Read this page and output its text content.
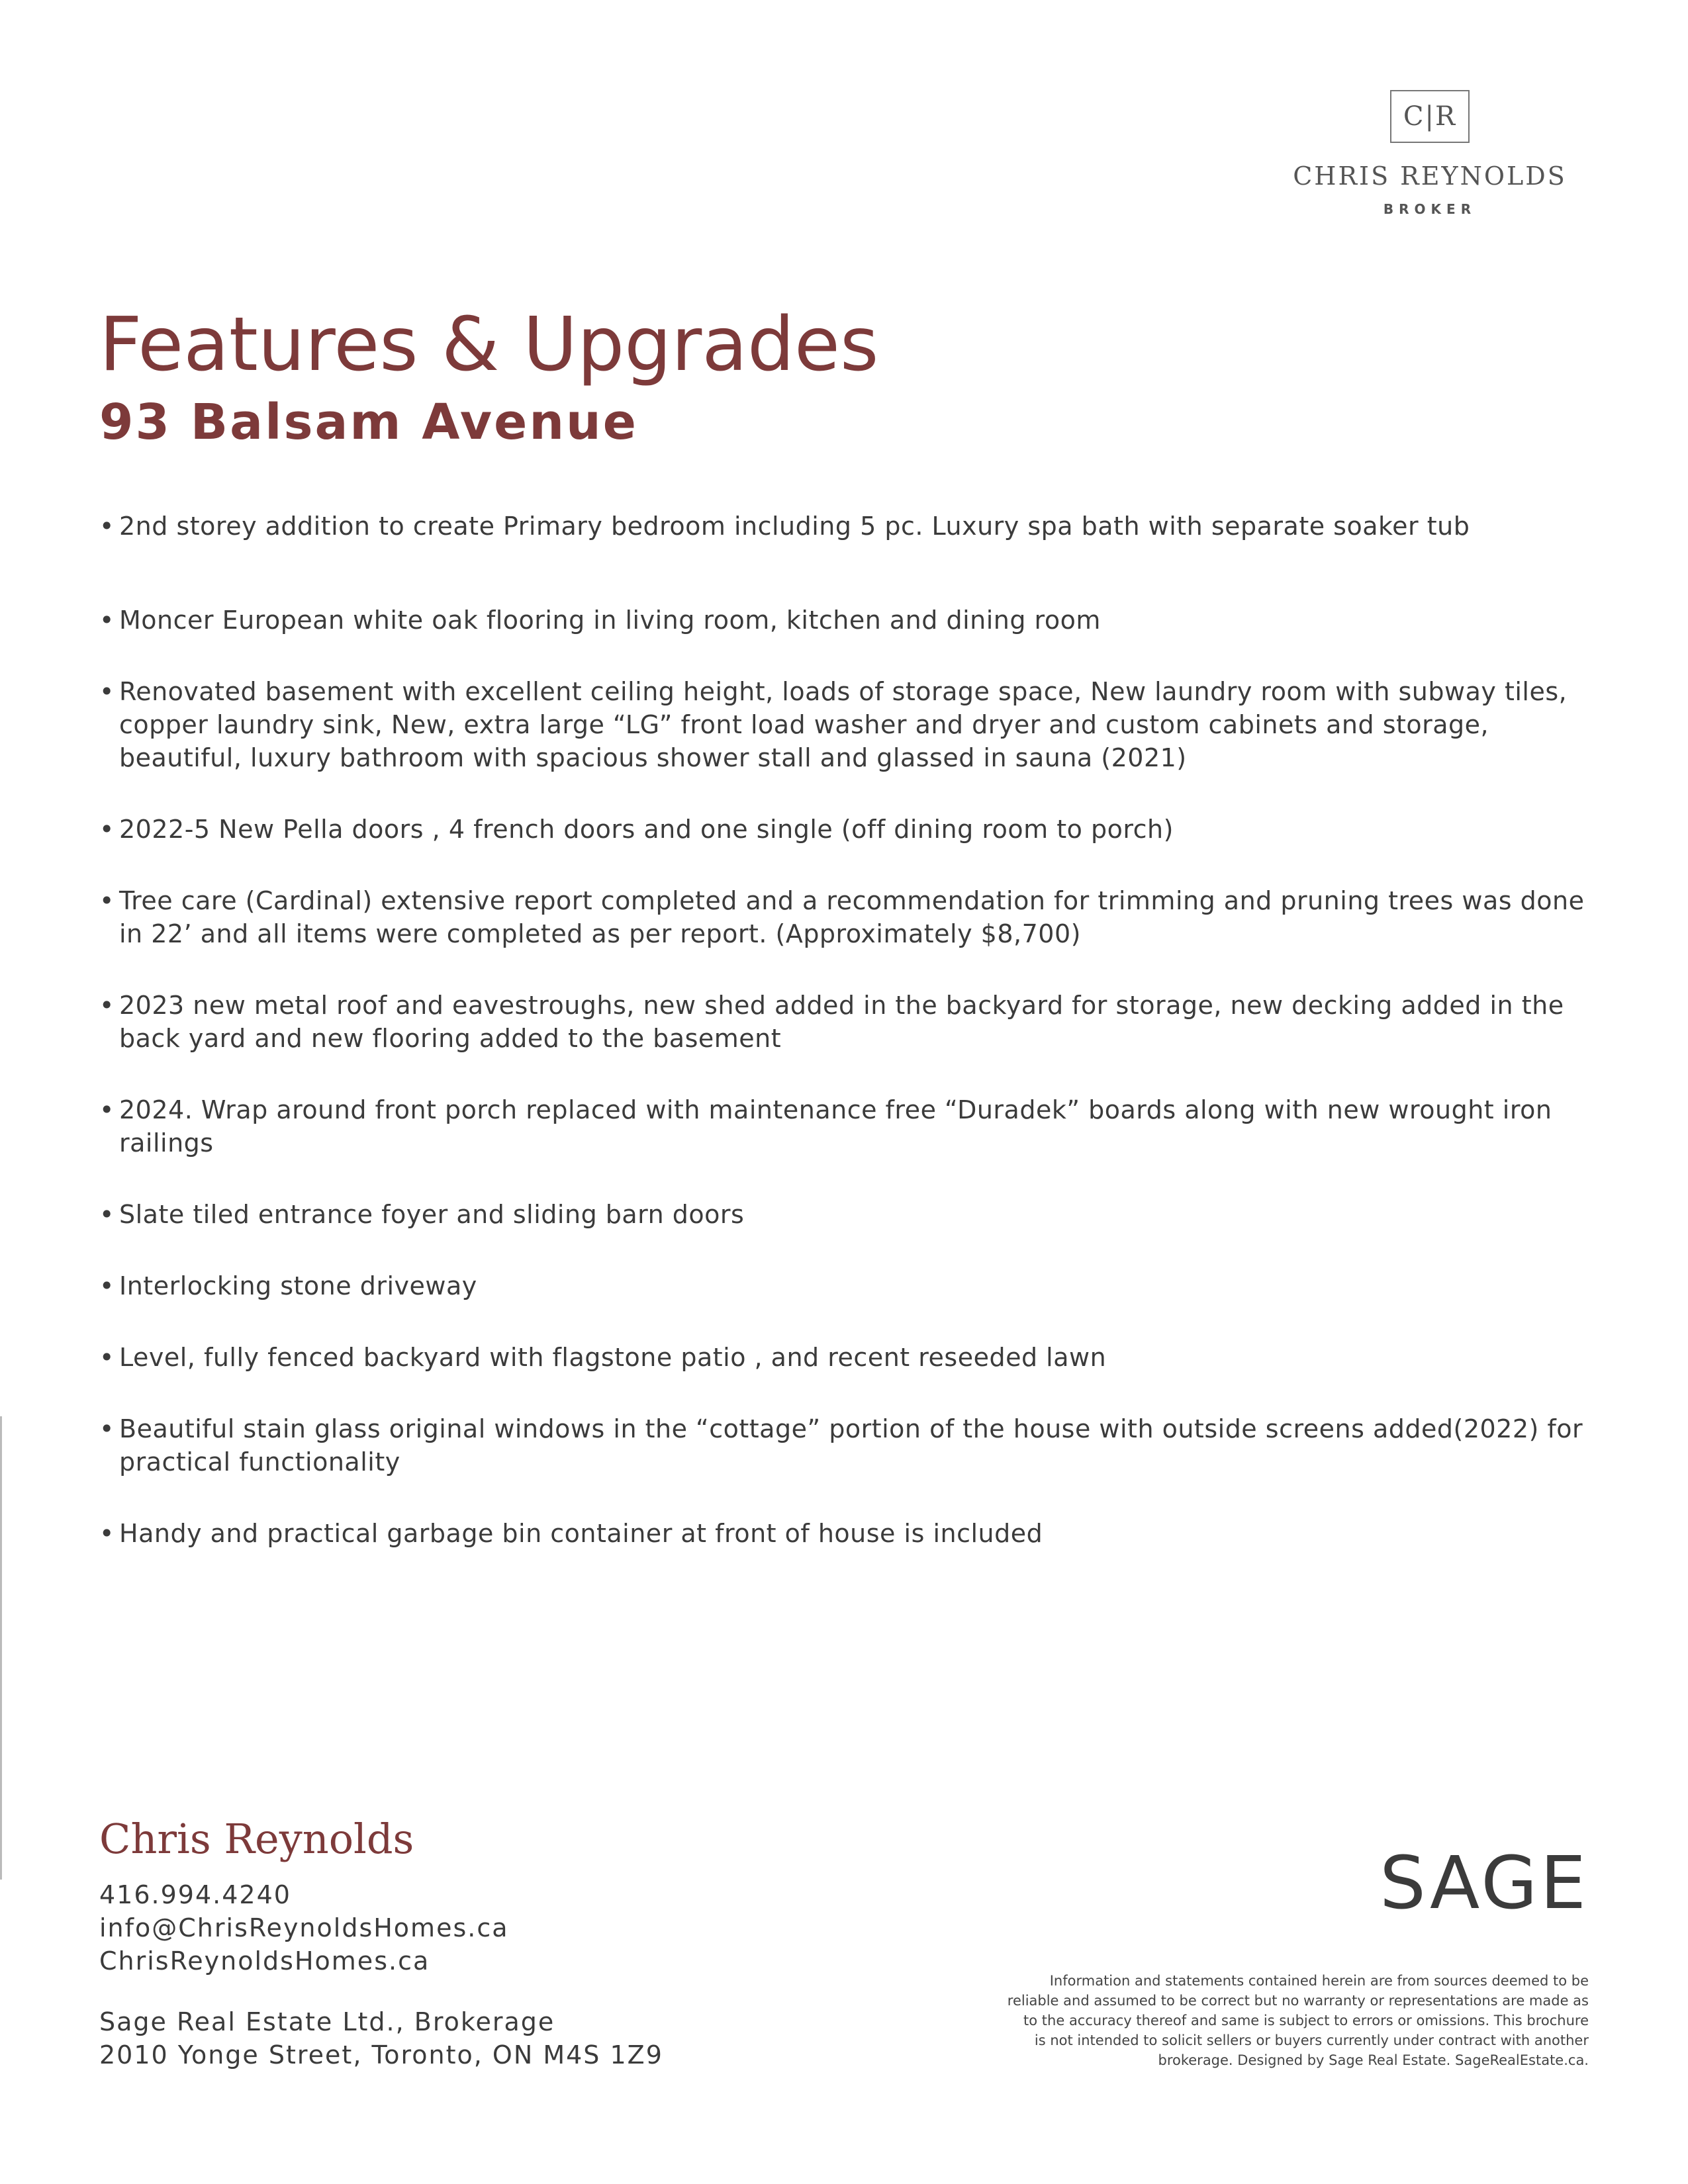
C|R
CHRIS REYNOLDS
BROKER
Features & Upgrades
93 Balsam Avenue
• 2nd storey addition to create Primary bedroom including 5 pc. Luxury spa bath with separate soaker tub
• Moncer European white oak flooring in living room, kitchen and dining room
• Renovated basement with excellent ceiling height, loads of storage space, New laundry room with subway tiles, copper laundry sink, New, extra large “LG” front load washer and dryer and custom cabinets and storage, beautiful, luxury bathroom with spacious shower stall and glassed in sauna (2021)
• 2022-5 New Pella doors , 4 french doors and one single (off dining room to porch)
• Tree care (Cardinal) extensive report completed and a recommendation for trimming and pruning trees was done in 22’ and all items were completed as per report. (Approximately $8,700)
• 2023 new metal roof and eavestroughs, new shed added in the backyard for storage, new decking added in the back yard and new flooring added to the basement
• 2024. Wrap around front porch replaced with maintenance free “Duradek” boards along with new wrought iron railings
• Slate tiled entrance foyer and sliding barn doors
• Interlocking stone driveway
• Level, fully fenced backyard with flagstone patio , and recent reseeded lawn
• Beautiful stain glass original windows in the “cottage” portion of the house with outside screens added(2022) for practical functionality
• Handy and practical garbage bin container at front of house is included
Chris Reynolds
416.994.4240
info@ChrisReynoldsHomes.ca
ChrisReynoldsHomes.ca
Sage Real Estate Ltd., Brokerage
2010 Yonge Street, Toronto, ON M4S 1Z9
SAGE
Information and statements contained herein are from sources deemed to be
reliable and assumed to be correct but no warranty or representations are made as
to the accuracy thereof and same is subject to errors or omissions. This brochure
is not intended to solicit sellers or buyers currently under contract with another
brokerage. Designed by Sage Real Estate. SageRealEstate.ca.
